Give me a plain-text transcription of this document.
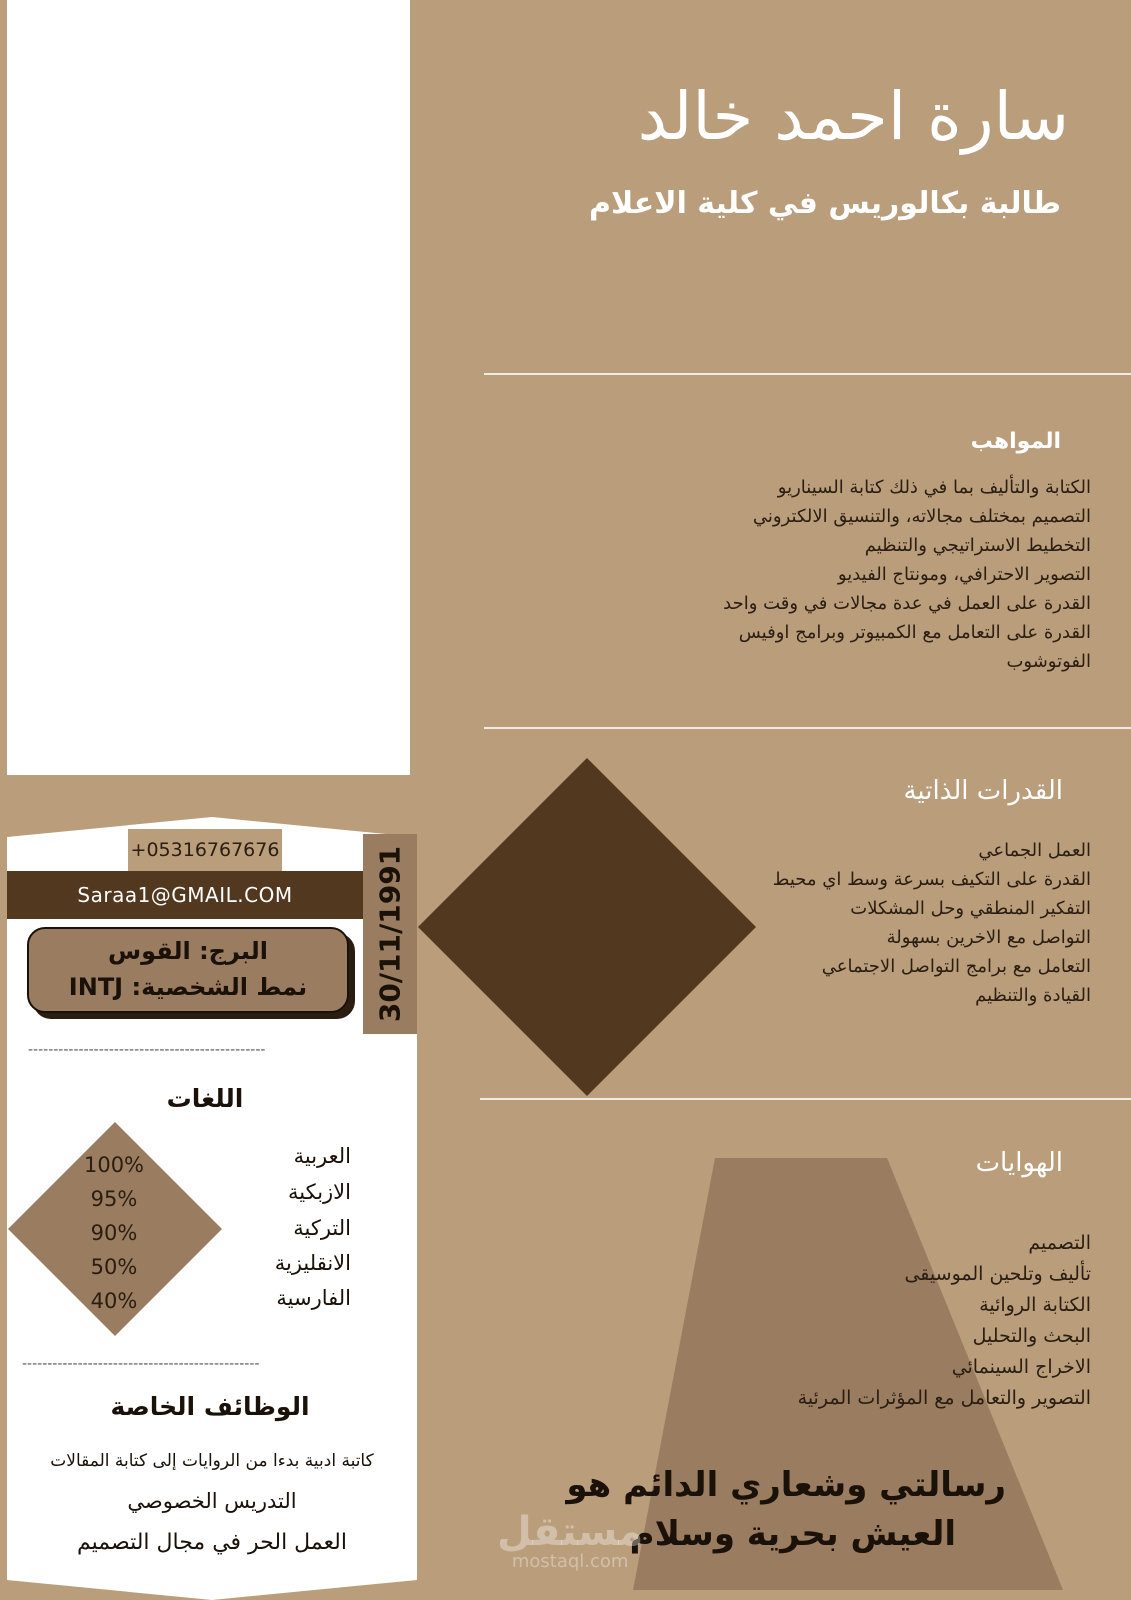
سارة احمد خالد
طالبة بكالوريس في كلية الاعلام
المواهب
الكتابة والتأليف بما في ذلك كتابة السيناريو
التصميم بمختلف مجالاته، والتنسيق الالكتروني
التخطيط الاستراتيجي والتنظيم
التصوير الاحترافي، ومونتاج الفيديو
القدرة على العمل في عدة مجالات في وقت واحد
القدرة على التعامل مع الكمبيوتر وبرامج اوفيس
الفوتوشوب
القدرات الذاتية
العمل الجماعي
القدرة على التكيف بسرعة وسط اي محيط
التفكير المنطقي وحل المشكلات
التواصل مع الاخرين بسهولة
التعامل مع برامج التواصل الاجتماعي
القيادة والتنظيم
الهوايات
التصميم
تأليف وتلحين الموسيقى
الكتابة الروائية
البحث والتحليل
الاخراج السينمائي
التصوير والتعامل مع المؤثرات المرئية
+05316767676
Saraa1@GMAIL.COM	30/11/1991
البرج: القوس
نمط الشخصية: INTJ
-----------------------------------------------
اللغات
100%
95%
90%
50%
40%
العربية
الازبكية
التركية
الانقليزية
الفارسية
-----------------------------------------------
الوظائف الخاصة
كاتبة ادبية بدءا من الروايات إلى كتابة المقالات
التدريس الخصوصي
العمل الحر في مجال التصميم
رسالتي وشعاري الدائم هو
العيش بحرية وسلام
مستقل
mostaql.com
